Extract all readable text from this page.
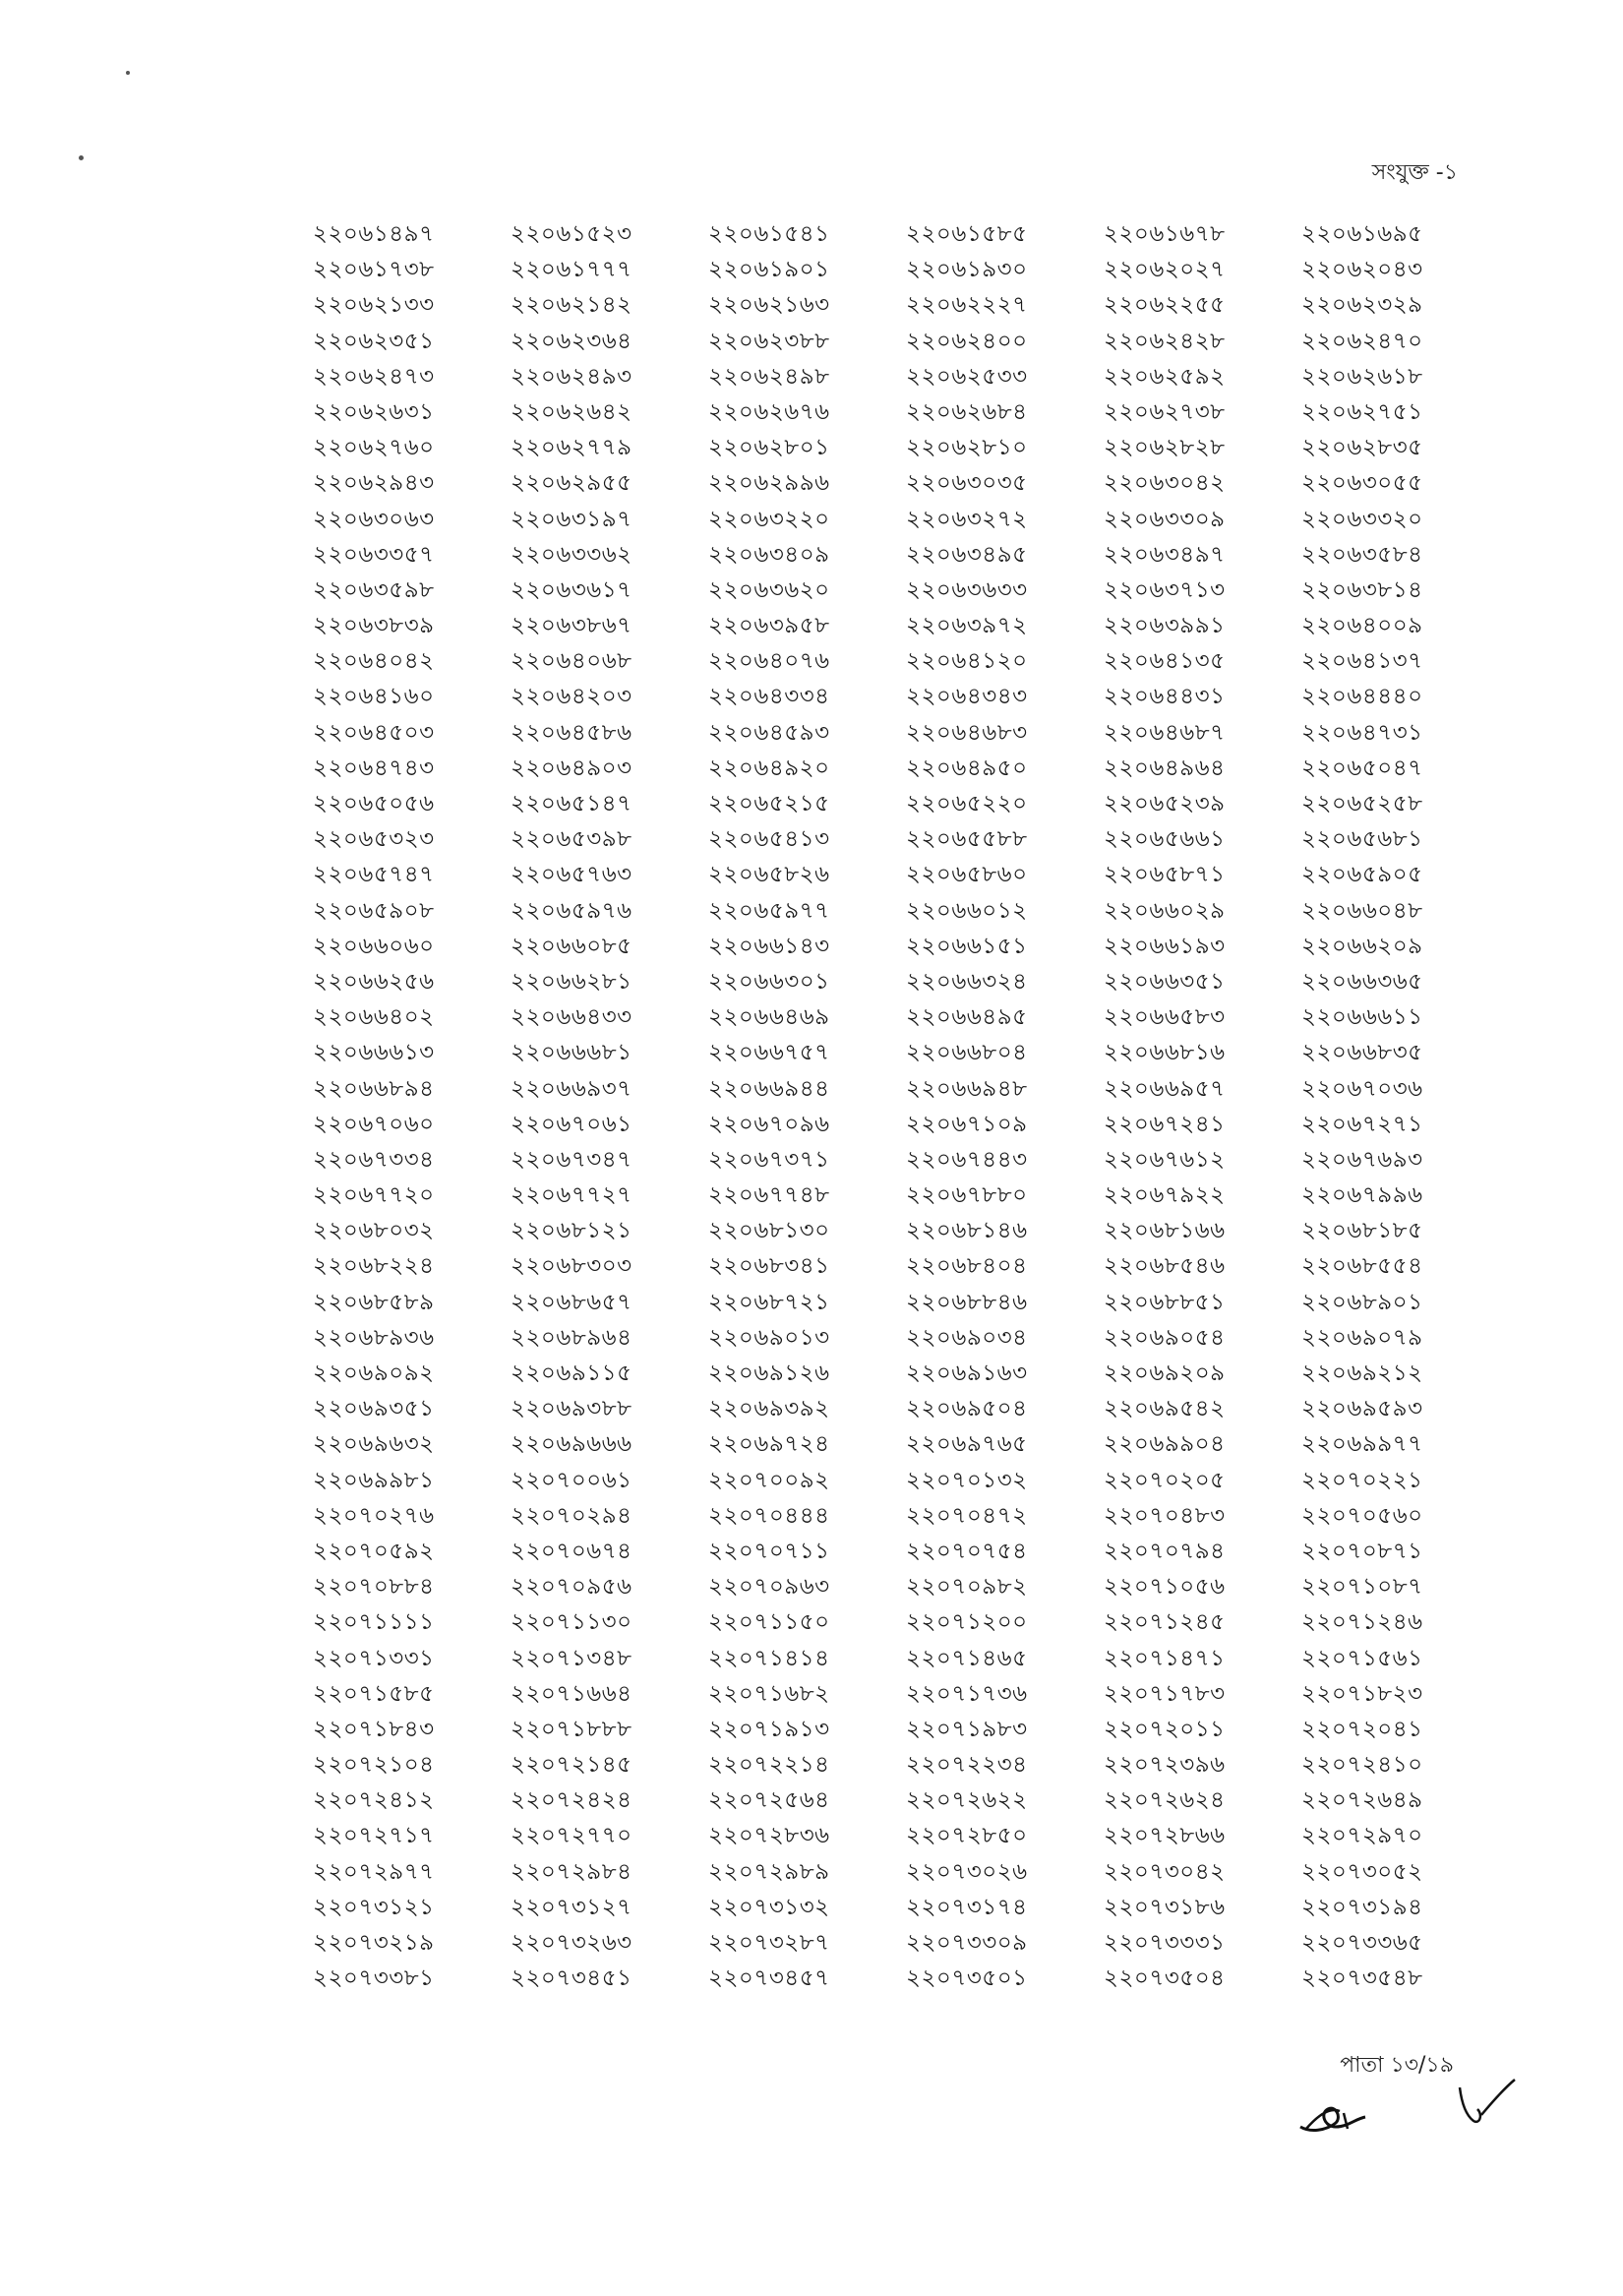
সংযুক্ত -১
২২০৬১৪৯৭	২২০৬১৫২৩	২২০৬১৫৪১	২২০৬১৫৮৫	২২০৬১৬৭৮	২২০৬১৬৯৫
২২০৬১৭৩৮	২২০৬১৭৭৭	২২০৬১৯০১	২২০৬১৯৩০	২২০৬২০২৭	২২০৬২০৪৩
২২০৬২১৩৩	২২০৬২১৪২	২২০৬২১৬৩	২২০৬২২২৭	২২০৬২২৫৫	২২০৬২৩২৯
২২০৬২৩৫১	২২০৬২৩৬৪	২২০৬২৩৮৮	২২০৬২৪০০	২২০৬২৪২৮	২২০৬২৪৭০
২২০৬২৪৭৩	২২০৬২৪৯৩	২২০৬২৪৯৮	২২০৬২৫৩৩	২২০৬২৫৯২	২২০৬২৬১৮
২২০৬২৬৩১	২২০৬২৬৪২	২২০৬২৬৭৬	২২০৬২৬৮৪	২২০৬২৭৩৮	২২০৬২৭৫১
২২০৬২৭৬০	২২০৬২৭৭৯	২২০৬২৮০১	২২০৬২৮১০	২২০৬২৮২৮	২২০৬২৮৩৫
২২০৬২৯৪৩	২২০৬২৯৫৫	২২০৬২৯৯৬	২২০৬৩০৩৫	২২০৬৩০৪২	২২০৬৩০৫৫
২২০৬৩০৬৩	২২০৬৩১৯৭	২২০৬৩২২০	২২০৬৩২৭২	২২০৬৩৩০৯	২২০৬৩৩২০
২২০৬৩৩৫৭	২২০৬৩৩৬২	২২০৬৩৪০৯	২২০৬৩৪৯৫	২২০৬৩৪৯৭	২২০৬৩৫৮৪
২২০৬৩৫৯৮	২২০৬৩৬১৭	২২০৬৩৬২০	২২০৬৩৬৩৩	২২০৬৩৭১৩	২২০৬৩৮১৪
২২০৬৩৮৩৯	২২০৬৩৮৬৭	২২০৬৩৯৫৮	২২০৬৩৯৭২	২২০৬৩৯৯১	২২০৬৪০০৯
২২০৬৪০৪২	২২০৬৪০৬৮	২২০৬৪০৭৬	২২০৬৪১২০	২২০৬৪১৩৫	২২০৬৪১৩৭
২২০৬৪১৬০	২২০৬৪২০৩	২২০৬৪৩৩৪	২২০৬৪৩৪৩	২২০৬৪৪৩১	২২০৬৪৪৪০
২২০৬৪৫০৩	২২০৬৪৫৮৬	২২০৬৪৫৯৩	২২০৬৪৬৮৩	২২০৬৪৬৮৭	২২০৬৪৭৩১
২২০৬৪৭৪৩	২২০৬৪৯০৩	২২০৬৪৯২০	২২০৬৪৯৫০	২২০৬৪৯৬৪	২২০৬৫০৪৭
২২০৬৫০৫৬	২২০৬৫১৪৭	২২০৬৫২১৫	২২০৬৫২২০	২২০৬৫২৩৯	২২০৬৫২৫৮
২২০৬৫৩২৩	২২০৬৫৩৯৮	২২০৬৫৪১৩	২২০৬৫৫৮৮	২২০৬৫৬৬১	২২০৬৫৬৮১
২২০৬৫৭৪৭	২২০৬৫৭৬৩	২২০৬৫৮২৬	২২০৬৫৮৬০	২২০৬৫৮৭১	২২০৬৫৯০৫
২২০৬৫৯০৮	২২০৬৫৯৭৬	২২০৬৫৯৭৭	২২০৬৬০১২	২২০৬৬০২৯	২২০৬৬০৪৮
২২০৬৬০৬০	২২০৬৬০৮৫	২২০৬৬১৪৩	২২০৬৬১৫১	২২০৬৬১৯৩	২২০৬৬২০৯
২২০৬৬২৫৬	২২০৬৬২৮১	২২০৬৬৩০১	২২০৬৬৩২৪	২২০৬৬৩৫১	২২০৬৬৩৬৫
২২০৬৬৪০২	২২০৬৬৪৩৩	২২০৬৬৪৬৯	২২০৬৬৪৯৫	২২০৬৬৫৮৩	২২০৬৬৬১১
২২০৬৬৬১৩	২২০৬৬৬৮১	২২০৬৬৭৫৭	২২০৬৬৮০৪	২২০৬৬৮১৬	২২০৬৬৮৩৫
২২০৬৬৮৯৪	২২০৬৬৯৩৭	২২০৬৬৯৪৪	২২০৬৬৯৪৮	২২০৬৬৯৫৭	২২০৬৭০৩৬
২২০৬৭০৬০	২২০৬৭০৬১	২২০৬৭০৯৬	২২০৬৭১০৯	২২০৬৭২৪১	২২০৬৭২৭১
২২০৬৭৩৩৪	২২০৬৭৩৪৭	২২০৬৭৩৭১	২২০৬৭৪৪৩	২২০৬৭৬১২	২২০৬৭৬৯৩
২২০৬৭৭২০	২২০৬৭৭২৭	২২০৬৭৭৪৮	২২০৬৭৮৮০	২২০৬৭৯২২	২২০৬৭৯৯৬
২২০৬৮০৩২	২২০৬৮১২১	২২০৬৮১৩০	২২০৬৮১৪৬	২২০৬৮১৬৬	২২০৬৮১৮৫
২২০৬৮২২৪	২২০৬৮৩০৩	২২০৬৮৩৪১	২২০৬৮৪০৪	২২০৬৮৫৪৬	২২০৬৮৫৫৪
২২০৬৮৫৮৯	২২০৬৮৬৫৭	২২০৬৮৭২১	২২০৬৮৮৪৬	২২০৬৮৮৫১	২২০৬৮৯০১
২২০৬৮৯৩৬	২২০৬৮৯৬৪	২২০৬৯০১৩	২২০৬৯০৩৪	২২০৬৯০৫৪	২২০৬৯০৭৯
২২০৬৯০৯২	২২০৬৯১১৫	২২০৬৯১২৬	২২০৬৯১৬৩	২২০৬৯২০৯	২২০৬৯২১২
২২০৬৯৩৫১	২২০৬৯৩৮৮	২২০৬৯৩৯২	২২০৬৯৫০৪	২২০৬৯৫৪২	২২০৬৯৫৯৩
২২০৬৯৬৩২	২২০৬৯৬৬৬	২২০৬৯৭২৪	২২০৬৯৭৬৫	২২০৬৯৯০৪	২২০৬৯৯৭৭
২২০৬৯৯৮১	২২০৭০০৬১	২২০৭০০৯২	২২০৭০১৩২	২২০৭০২০৫	২২০৭০২২১
২২০৭০২৭৬	২২০৭০২৯৪	২২০৭০৪৪৪	২২০৭০৪৭২	২২০৭০৪৮৩	২২০৭০৫৬০
২২০৭০৫৯২	২২০৭০৬৭৪	২২০৭০৭১১	২২০৭০৭৫৪	২২০৭০৭৯৪	২২০৭০৮৭১
২২০৭০৮৮৪	২২০৭০৯৫৬	২২০৭০৯৬৩	২২০৭০৯৮২	২২০৭১০৫৬	২২০৭১০৮৭
২২০৭১১১১	২২০৭১১৩০	২২০৭১১৫০	২২০৭১২০০	২২০৭১২৪৫	২২০৭১২৪৬
২২০৭১৩৩১	২২০৭১৩৪৮	২২০৭১৪১৪	২২০৭১৪৬৫	২২০৭১৪৭১	২২০৭১৫৬১
২২০৭১৫৮৫	২২০৭১৬৬৪	২২০৭১৬৮২	২২০৭১৭৩৬	২২০৭১৭৮৩	২২০৭১৮২৩
২২০৭১৮৪৩	২২০৭১৮৮৮	২২০৭১৯১৩	২২০৭১৯৮৩	২২০৭২০১১	২২০৭২০৪১
২২০৭২১০৪	২২০৭২১৪৫	২২০৭২২১৪	২২০৭২২৩৪	২২০৭২৩৯৬	২২০৭২৪১০
২২০৭২৪১২	২২০৭২৪২৪	২২০৭২৫৬৪	২২০৭২৬২২	২২০৭২৬২৪	২২০৭২৬৪৯
২২০৭২৭১৭	২২০৭২৭৭০	২২০৭২৮৩৬	২২০৭২৮৫০	২২০৭২৮৬৬	২২০৭২৯৭০
২২০৭২৯৭৭	২২০৭২৯৮৪	২২০৭২৯৮৯	২২০৭৩০২৬	২২০৭৩০৪২	২২০৭৩০৫২
২২০৭৩১২১	২২০৭৩১২৭	২২০৭৩১৩২	২২০৭৩১৭৪	২২০৭৩১৮৬	২২০৭৩১৯৪
২২০৭৩২১৯	২২০৭৩২৬৩	২২০৭৩২৮৭	২২০৭৩৩০৯	২২০৭৩৩৩১	২২০৭৩৩৬৫
২২০৭৩৩৮১	২২০৭৩৪৫১	২২০৭৩৪৫৭	২২০৭৩৫০১	২২০৭৩৫০৪	২২০৭৩৫৪৮
পাতা ১৩/১৯
